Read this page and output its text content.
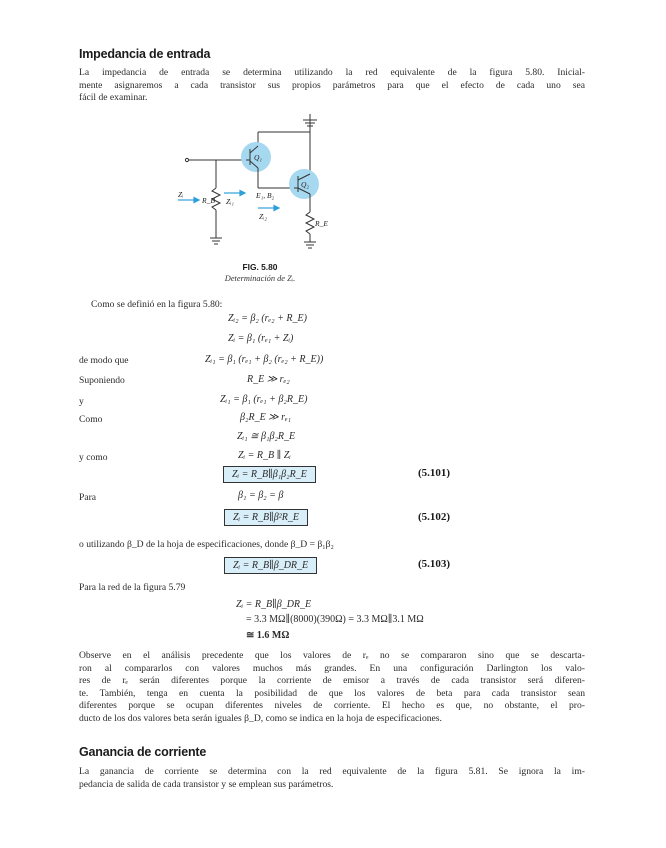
Impedancia de entrada
La impedancia de entrada se determina utilizando la red equivalente de la figura 5.80. Inicial-
mente asignaremos a cada transistor sus propios parámetros para que el efecto de cada uno sea
fácil de examinar.
Q₁
Q₂
Zᵢ
R_B Zᵢ₁
E₁, B₂
Zᵢ₂
R_E
FIG. 5.80
Determinación de Zᵢ.
Como se definió en la figura 5.80:
Zᵢ₂ = β₂ (rₑ₂ + R_E)
Zᵢ = β₁ (rₑ₁ + Zᵢ)
de modo que	Zᵢ₁ = β₁ (rₑ₁ + β₂ (rₑ₂ + R_E))
Suponiendo	R_E ≫ rₑ₂
y	Zᵢ₁ = β₁ (rₑ₁ + β₂R_E)
Como	β₂R_E ≫ rₑ₁
Zᵢ₁ ≅ β₁β₂R_E
y como	Zᵢ = R_B ∥ Zᵢ
Zᵢ = R_B∥β₁β₂R_E	(5.101)
Para	β₁ = β₂ = β
Zᵢ = R_B∥β²R_E	(5.102)
o utilizando β_D de la hoja de especificaciones, donde β_D = β₁β₂
Zᵢ = R_B∥β_DR_E	(5.103)
Para la red de la figura 5.79
Zᵢ = R_B∥β_DR_E
= 3.3 MΩ∥(8000)(390Ω) = 3.3 MΩ∥3.1 MΩ
≅ 1.6 MΩ
Observe en el análisis precedente que los valores de rₑ no se compararon sino que se descarta-
ron al compararlos con valores muchos más grandes. En una configuración Darlington los valo-
res de rₑ serán diferentes porque la corriente de emisor a través de cada transistor será diferen-
te. También, tenga en cuenta la posibilidad de que los valores de beta para cada transistor sean
diferentes porque se ocupan diferentes niveles de corriente. El hecho es que, no obstante, el pro-
ducto de los dos valores beta serán iguales β_D, como se indica en la hoja de especificaciones.
Ganancia de corriente
La ganancia de corriente se determina con la red equivalente de la figura 5.81. Se ignora la im-
pedancia de salida de cada transistor y se emplean sus parámetros.
